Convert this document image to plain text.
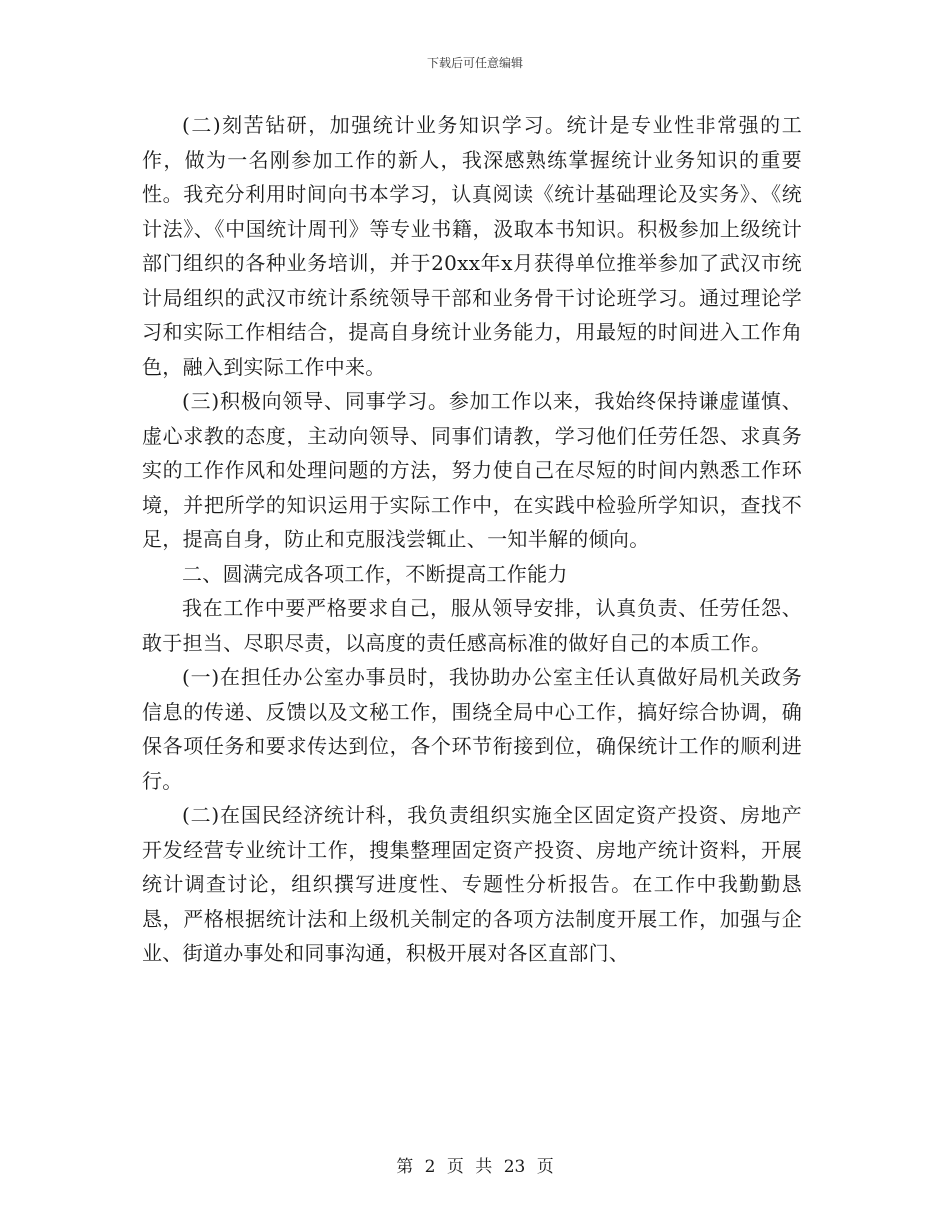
下载后可任意编辑

(二)刻苦钻研，加强统计业务知识学习。统计是专业性非常强的工作，做为一名刚参加工作的新人，我深感熟练掌握统计业务知识的重要性。我充分利用时间向书本学习，认真阅读《统计基础理论及实务》、《统计法》、《中国统计周刊》等专业书籍，汲取本书知识。积极参加上级统计部门组织的各种业务培训，并于20xx年x月获得单位推举参加了武汉市统计局组织的武汉市统计系统领导干部和业务骨干讨论班学习。通过理论学习和实际工作相结合，提高自身统计业务能力，用最短的时间进入工作角色，融入到实际工作中来。

(三)积极向领导、同事学习。参加工作以来，我始终保持谦虚谨慎、虚心求教的态度，主动向领导、同事们请教，学习他们任劳任怨、求真务实的工作作风和处理问题的方法，努力使自己在尽短的时间内熟悉工作环境，并把所学的知识运用于实际工作中，在实践中检验所学知识，查找不足，提高自身，防止和克服浅尝辄止、一知半解的倾向。

二、圆满完成各项工作，不断提高工作能力

我在工作中要严格要求自己，服从领导安排，认真负责、任劳任怨、敢于担当、尽职尽责，以高度的责任感高标准的做好自己的本质工作。

(一)在担任办公室办事员时，我协助办公室主任认真做好局机关政务信息的传递、反馈以及文秘工作，围绕全局中心工作，搞好综合协调，确保各项任务和要求传达到位，各个环节衔接到位，确保统计工作的顺利进行。

(二)在国民经济统计科，我负责组织实施全区固定资产投资、房地产开发经营专业统计工作，搜集整理固定资产投资、房地产统计资料，开展统计调查讨论，组织撰写进度性、专题性分析报告。在工作中我勤勤恳恳，严格根据统计法和上级机关制定的各项方法制度开展工作，加强与企业、街道办事处和同事沟通，积极开展对各区直部门、

第 2 页 共 23 页
